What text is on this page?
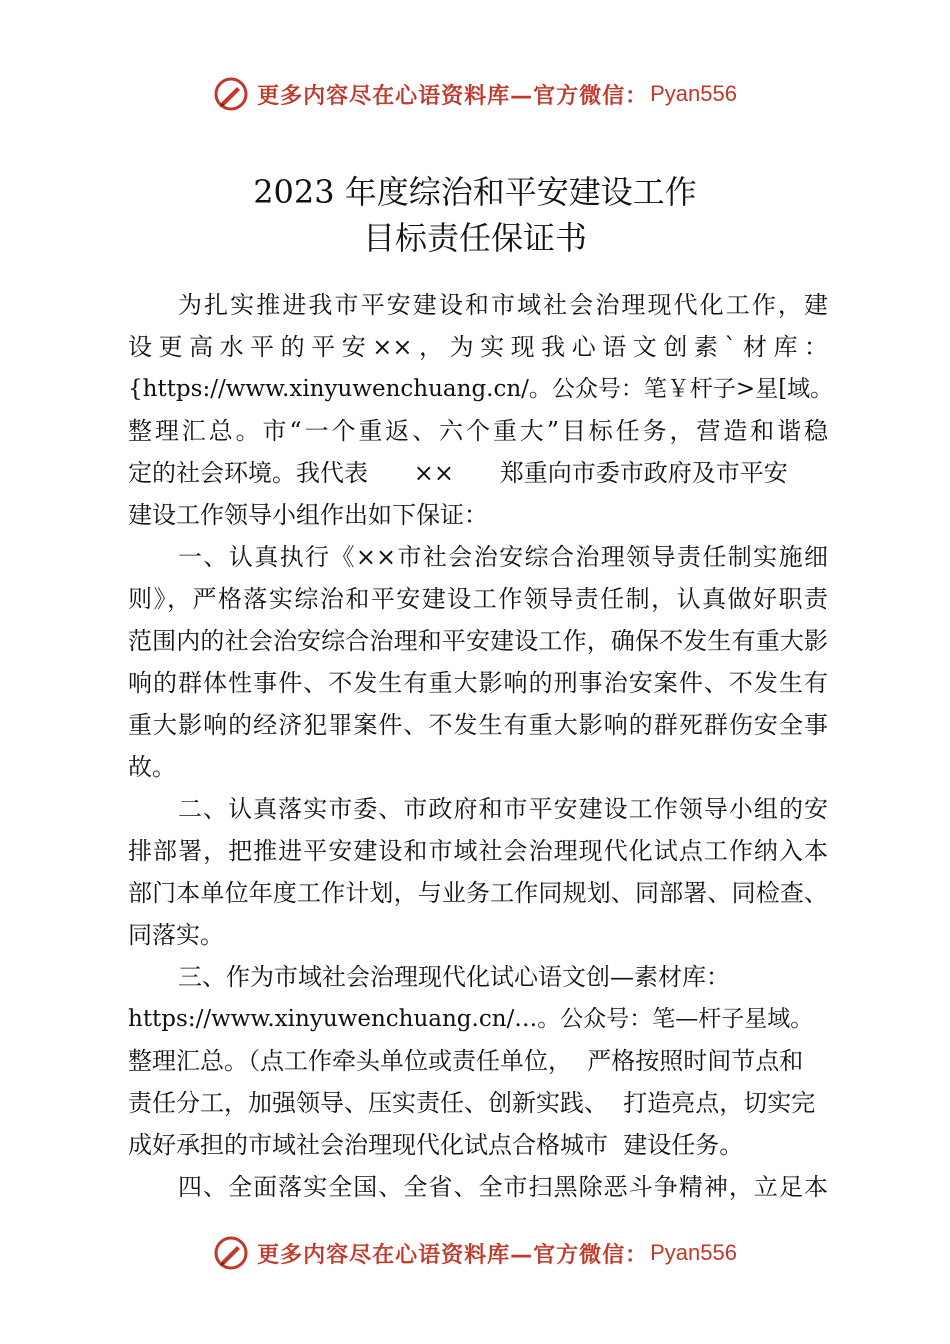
更多内容尽在心语资料库—官方微信： Pyan556
2023 年度综治和平安建设工作
目标责任保证书
为扎实推进我市平安建设和市域社会治理现代化工作，建
设更高水平的平安××，为实现我心语文创素`材库：
{https://www.xinyuwenchuang.cn/。公众号：笔￥杆子>星[域。
整理汇总。市“一个重返、六个重大”目标任务，营造和谐稳
定的社会环境。我代表      ××      郑重向市委市政府及市平安
建设工作领导小组作出如下保证：
一、认真执行《××市社会治安综合治理领导责任制实施细
则》，严格落实综治和平安建设工作领导责任制，认真做好职责
范围内的社会治安综合治理和平安建设工作，确保不发生有重大影
响的群体性事件、不发生有重大影响的刑事治安案件、不发生有
重大影响的经济犯罪案件、不发生有重大影响的群死群伤安全事
故。
二、认真落实市委、市政府和市平安建设工作领导小组的安
排部署，把推进平安建设和市域社会治理现代化试点工作纳入本
部门本单位年度工作计划，与业务工作同规划、同部署、同检查、
同落实。
三、作为市域社会治理现代化试心语文创—素材库：
https://www.xinyuwenchuang.cn/…。公众号：笔—杆子星域。
整理汇总。（点工作牵头单位或责任单位，  严格按照时间节点和
责任分工，加强领导、压实责任、创新实践、  打造亮点，切实完
成好承担的市域社会治理现代化试点合格城市  建设任务。
四、全面落实全国、全省、全市扫黑除恶斗争精神，立足本
更多内容尽在心语资料库—官方微信： Pyan556
